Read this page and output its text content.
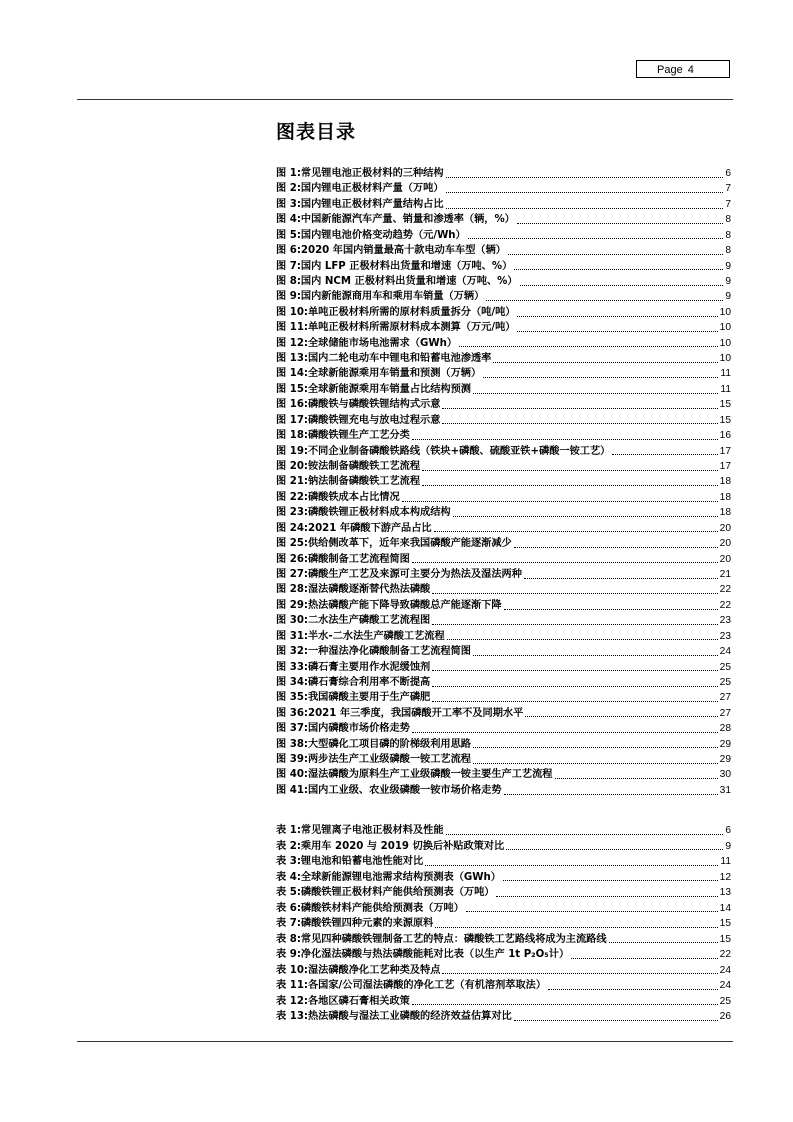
Page 4
图表目录
图 1: 常见锂电池正极材料的三种结构	6
图 2: 国内锂电正极材料产量（万吨）	7
图 3: 国内锂电正极材料产量结构占比	7
图 4: 中国新能源汽车产量、销量和渗透率（辆，%）	8
图 5: 国内锂电池价格变动趋势（元/Wh）	8
图 6: 2020 年国内销量最高十款电动车车型（辆）	8
图 7: 国内 LFP 正极材料出货量和增速（万吨、%）	9
图 8: 国内 NCM 正极材料出货量和增速（万吨、%）	9
图 9: 国内新能源商用车和乘用车销量（万辆）	9
图 10: 单吨正极材料所需的原材料质量拆分（吨/吨）	10
图 11: 单吨正极材料所需原材料成本测算（万元/吨）	10
图 12: 全球储能市场电池需求（GWh）	10
图 13: 国内二轮电动车中锂电和铅蓄电池渗透率	10
图 14: 全球新能源乘用车销量和预测（万辆）	11
图 15: 全球新能源乘用车销量占比结构预测	11
图 16: 磷酸铁与磷酸铁锂结构式示意	15
图 17: 磷酸铁锂充电与放电过程示意	15
图 18: 磷酸铁锂生产工艺分类	16
图 19: 不同企业制备磷酸铁路线（铁块+磷酸、硫酸亚铁+磷酸一铵工艺）	17
图 20: 铵法制备磷酸铁工艺流程	17
图 21: 钠法制备磷酸铁工艺流程	18
图 22: 磷酸铁成本占比情况	18
图 23: 磷酸铁锂正极材料成本构成结构	18
图 24: 2021 年磷酸下游产品占比	20
图 25: 供给侧改革下，近年来我国磷酸产能逐渐减少	20
图 26: 磷酸制备工艺流程简图	20
图 27: 磷酸生产工艺及来源可主要分为热法及湿法两种	21
图 28: 湿法磷酸逐渐替代热法磷酸	22
图 29: 热法磷酸产能下降导致磷酸总产能逐渐下降	22
图 30: 二水法生产磷酸工艺流程图	23
图 31: 半水-二水法生产磷酸工艺流程	23
图 32: 一种湿法净化磷酸制备工艺流程简图	24
图 33: 磷石膏主要用作水泥缓蚀剂	25
图 34: 磷石膏综合利用率不断提高	25
图 35: 我国磷酸主要用于生产磷肥	27
图 36: 2021 年三季度，我国磷酸开工率不及同期水平	27
图 37: 国内磷酸市场价格走势	28
图 38: 大型磷化工项目磷的阶梯级利用思路	29
图 39: 两步法生产工业级磷酸一铵工艺流程	29
图 40: 湿法磷酸为原料生产工业级磷酸一铵主要生产工艺流程	30
图 41: 国内工业级、农业级磷酸一铵市场价格走势	31
表 1: 常见锂离子电池正极材料及性能	6
表 2: 乘用车 2020 与 2019 切换后补贴政策对比	9
表 3: 锂电池和铅蓄电池性能对比	11
表 4: 全球新能源锂电池需求结构预测表（GWh）	12
表 5: 磷酸铁锂正极材料产能供给预测表（万吨）	13
表 6: 磷酸铁材料产能供给预测表（万吨）	14
表 7: 磷酸铁锂四种元素的来源原料	15
表 8: 常见四种磷酸铁锂制备工艺的特点：磷酸铁工艺路线将成为主流路线	15
表 9: 净化湿法磷酸与热法磷酸能耗对比表（以生产 1t P₂O₅计）	22
表 10: 湿法磷酸净化工艺种类及特点	24
表 11: 各国家/公司湿法磷酸的净化工艺（有机溶剂萃取法）	24
表 12: 各地区磷石膏相关政策	25
表 13: 热法磷酸与湿法工业磷酸的经济效益估算对比	26
